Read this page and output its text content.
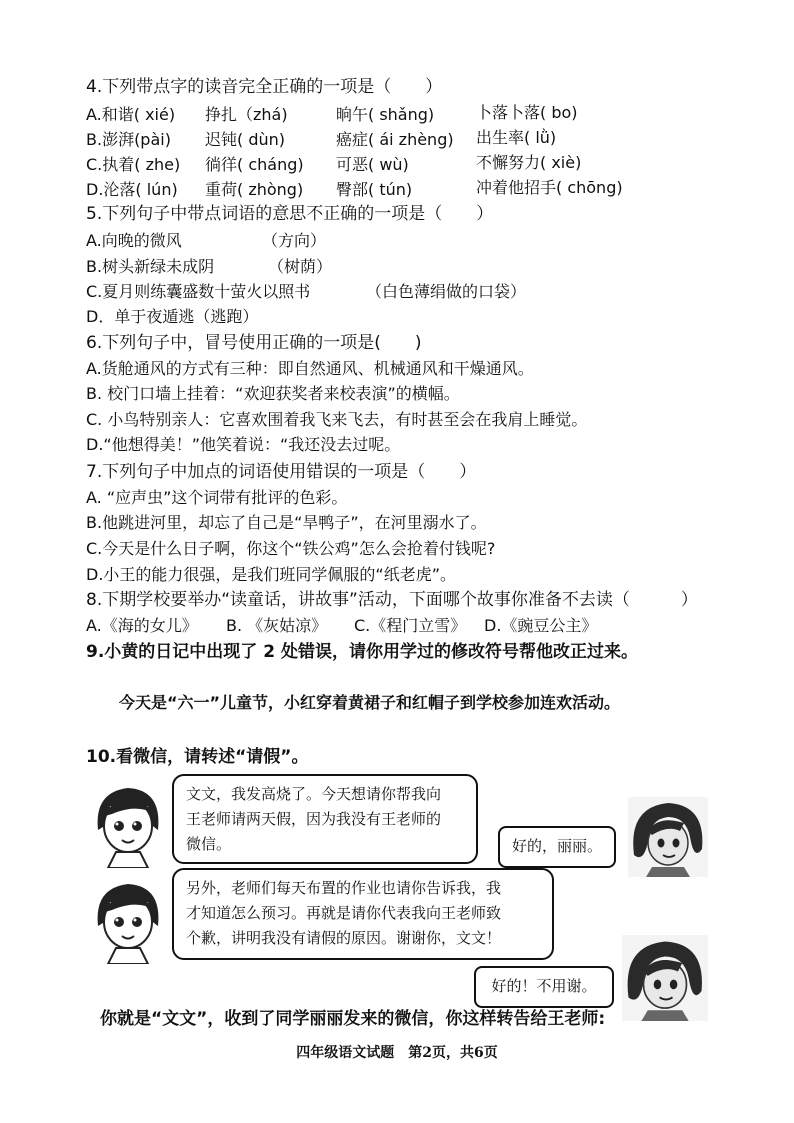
4.下列带点字的读音完全正确的一项是（　　）
A.和谐( xié) 挣扎（zhá)	晌午( shǎng)	卜落卜落( bo)
B.澎湃(pài) 迟钝( dùn)	癌症( ái zhèng) 出生率( lǜ)
C.执着( zhe) 徜徉( cháng) 可恶( wù)	不懈努力( xiè)
D.沦落( lún) 重荷( zhòng) 臀部( tún)	冲着他招手( chōng)
5.下列句子中带点词语的意思不正确的一项是（　　）
A.向晚的微风	（方向）
B.树头新绿未成阴	（树荫）
C.夏月则练囊盛数十萤火以照书	（白色薄绢做的口袋）
D．单于夜遁逃（逃跑）
6.下列句子中，冒号使用正确的一项是(　　)
A.货舱通风的方式有三种：即自然通风、机械通风和干燥通风。
B. 校门口墙上挂着：“欢迎获奖者来校表演”的横幅。
C. 小鸟特别亲人：它喜欢围着我飞来飞去，有时甚至会在我肩上睡觉。
D.“他想得美！”他笑着说：“我还没去过呢。
7.下列句子中加点的词语使用错误的一项是（　　）
A. “应声虫”这个词带有批评的色彩。
B.他跳进河里，却忘了自己是“旱鸭子”，在河里溺水了。
C.今天是什么日子啊，你这个“铁公鸡”怎么会抢着付钱呢?
D.小王的能力很强，是我们班同学佩服的“纸老虎”。
8.下期学校要举办“读童话，讲故事”活动，下面哪个故事你准备不去读（　　　）
A.《海的女儿》 B. 《灰姑凉》 C.《程门立雪》 D.《豌豆公主》
9.小黄的日记中出现了 2 处错误，请你用学过的修改符号帮他改正过来。
今天是“六一”儿童节，小红穿着黄裙子和红帽子到学校参加连欢活动。
10.看微信，请转述“请假”。
文文，我发高烧了。今天想请你帮我向
王老师请两天假，因为我没有王老师的
微信。	好的，丽丽。
另外，老师们每天布置的作业也请你告诉我，我
才知道怎么预习。再就是请你代表我向王老师致
个歉，讲明我没有请假的原因。谢谢你，文文！
好的！不用谢。
你就是“文文”，收到了同学丽丽发来的微信，你这样转告给王老师:
四年级语文试题　第2页，共6页
